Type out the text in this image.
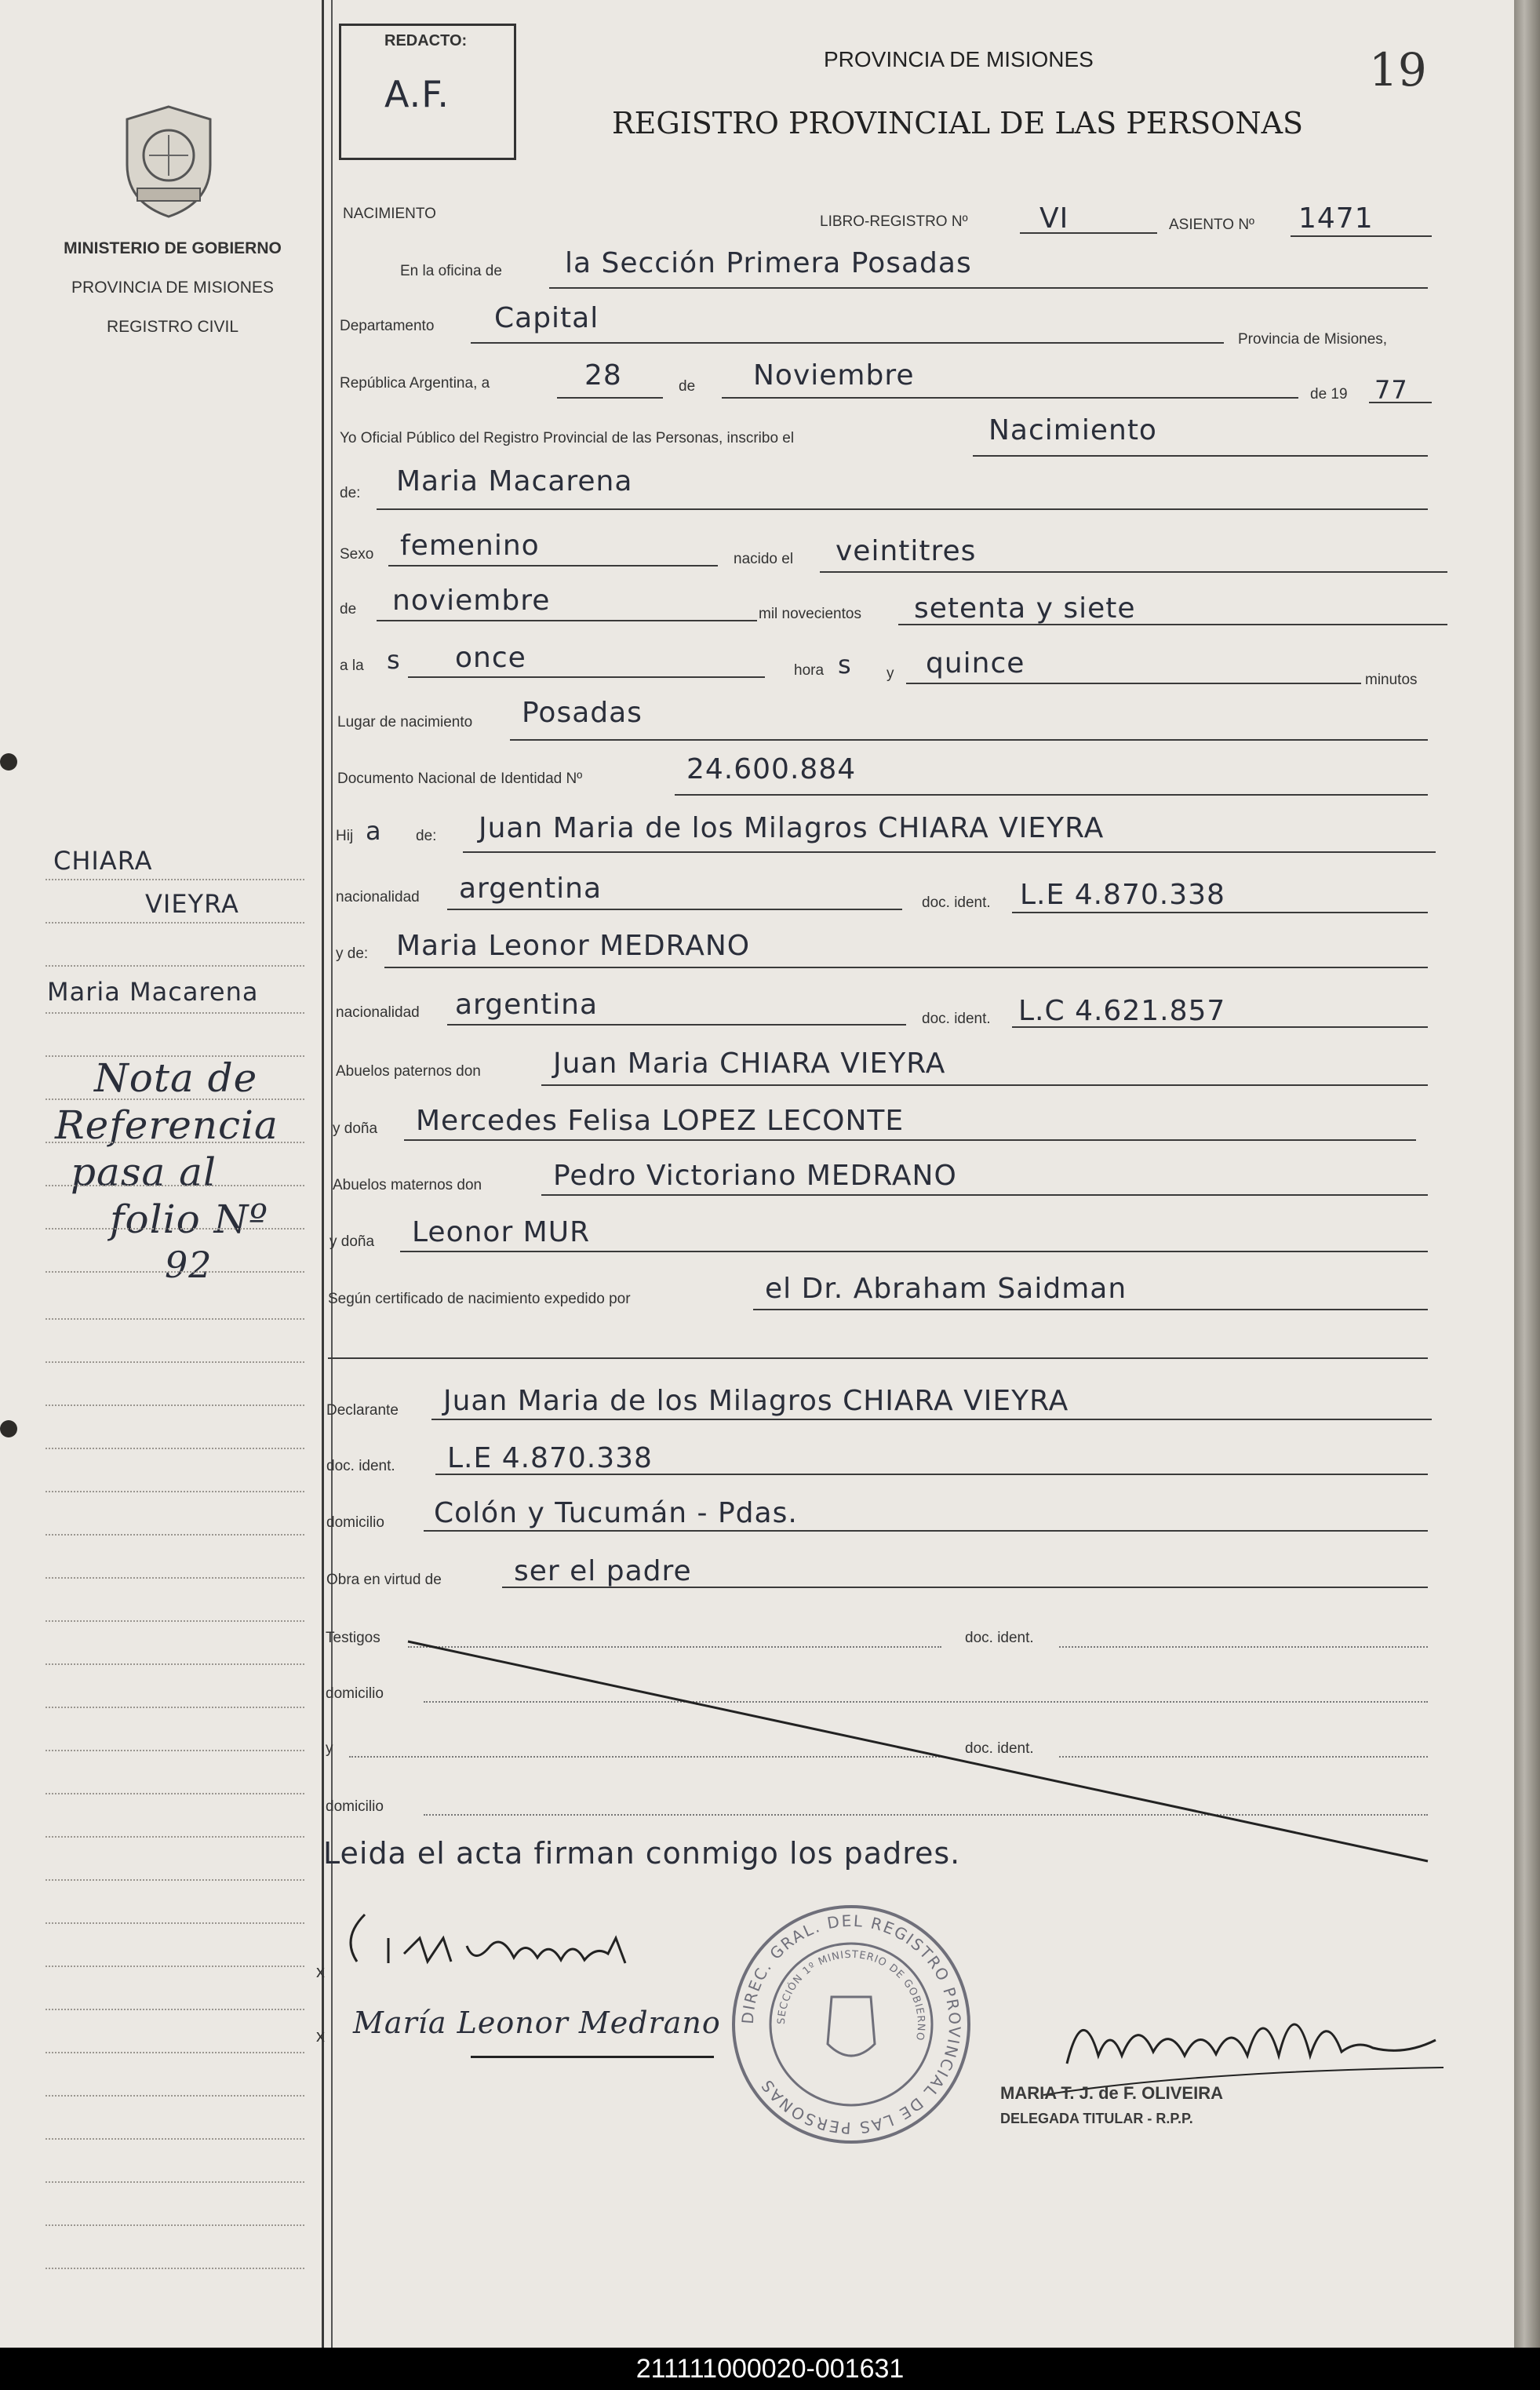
MINISTERIO DE GOBIERNO
PROVINCIA DE MISIONES
REGISTRO CIVIL
CHIARA
VIEYRA
Maria Macarena
Nota de
Referencia
pasa al
folio Nº
92
REDACTO:
A.F.
PROVINCIA DE MISIONES
REGISTRO PROVINCIAL DE LAS PERSONAS
19
NACIMIENTO	LIBRO-REGISTRO Nº	VI	ASIENTO Nº 1471
En la oficina de la Sección Primera Posadas
Departamento Capital
Provincia de Misiones,
República Argentina, a	28	de Noviembre
de 19 77
Yo Oficial Público del Registro Provincial de las Personas, inscribo el	Nacimiento
de: Maria Macarena
Sexo femenino	nacido el veintitres
de noviembre	mil novecientos setenta y siete
a la s once	hora s y quince
minutos
Lugar de nacimiento Posadas
Documento Nacional de Identidad Nº	24.600.884
Hij a de: Juan Maria de los Milagros CHIARA VIEYRA
nacionalidad argentina	doc. ident. L.E 4.870.338
y de: Maria Leonor MEDRANO
nacionalidad argentina	doc. ident. L.C 4.621.857
Abuelos paternos don	Juan Maria CHIARA VIEYRA
y doña Mercedes Felisa LOPEZ LECONTE
Abuelos maternos don	Pedro Victoriano MEDRANO
y doña Leonor MUR
Según certificado de nacimiento expedido por	el Dr. Abraham Saidman
Declarante Juan Maria de los Milagros CHIARA VIEYRA
doc. ident. L.E 4.870.338
domicilio Colón y Tucumán - Pdas.
Obra en virtud de	ser el padre
Testigos	doc. ident.
domicilio
y	doc. ident.
domicilio
Leida el acta firman conmigo los padres.
x
x María Leonor Medrano DIREC. GRAL. DEL REGISTRO PROVINCIAL DE LAS PERSONAS
SECCIÓN 1º MINISTERIO DE GOBIERNO
MARIA T. J. de F. OLIVEIRA
DELEGADA TITULAR - R.P.P.
211111000020-001631
